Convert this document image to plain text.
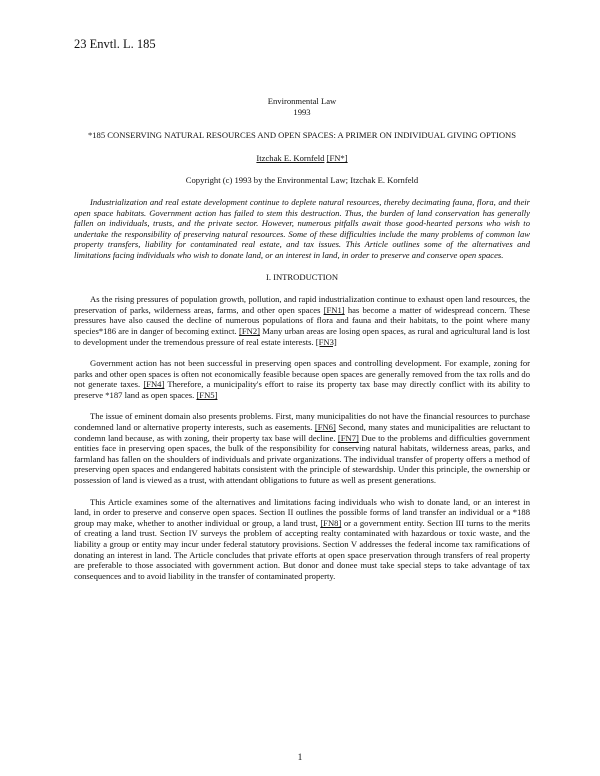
23 Envtl. L. 185
Environmental Law
1993
*185 CONSERVING NATURAL RESOURCES AND OPEN SPACES: A PRIMER ON INDIVIDUAL GIVING OPTIONS
Itzchak E. Kornfeld [FN*]
Copyright (c) 1993 by the Environmental Law; Itzchak E. Kornfeld
Industrialization and real estate development continue to deplete natural resources, thereby decimating fauna, flora, and their open space habitats. Government action has failed to stem this destruction. Thus, the burden of land conservation has generally fallen on individuals, trusts, and the private sector. However, numerous pitfalls await those good-hearted persons who wish to undertake the responsibility of preserving natural resources. Some of these difficulties include the many problems of common law property transfers, liability for contaminated real estate, and tax issues. This Article outlines some of the alternatives and limitations facing individuals who wish to donate land, or an interest in land, in order to preserve and conserve open spaces.
I. INTRODUCTION

As the rising pressures of population growth, pollution, and rapid industrialization continue to exhaust open land resources, the preservation of parks, wilderness areas, farms, and other open spaces [FN1] has become a matter of widespread concern. These pressures have also caused the decline of numerous populations of flora and fauna and their habitats, to the point where many species*186 are in danger of becoming extinct. [FN2] Many urban areas are losing open spaces, as rural and agricultural land is lost to development under the tremendous pressure of real estate interests. [FN3]

Government action has not been successful in preserving open spaces and controlling development. For example, zoning for parks and other open spaces is often not economically feasible because open spaces are generally removed from the tax rolls and do not generate taxes. [FN4] Therefore, a municipality's effort to raise its property tax base may directly conflict with its ability to preserve *187 land as open spaces. [FN5]

The issue of eminent domain also presents problems. First, many municipalities do not have the financial resources to purchase condemned land or alternative property interests, such as easements. [FN6] Second, many states and municipalities are reluctant to condemn land because, as with zoning, their property tax base will decline. [FN7] Due to the problems and difficulties government entities face in preserving open spaces, the bulk of the responsibility for conserving natural habitats, wilderness areas, parks, and farmland has fallen on the shoulders of individuals and private organizations. The individual transfer of property offers a method of preserving open spaces and endangered habitats consistent with the principle of stewardship. Under this principle, the ownership or possession of land is viewed as a trust, with attendant obligations to future as well as present generations.

This Article examines some of the alternatives and limitations facing individuals who wish to donate land, or an interest in land, in order to preserve and conserve open spaces. Section II outlines the possible forms of land transfer an individual or a *188 group may make, whether to another individual or group, a land trust, [FN8] or a government entity. Section III turns to the merits of creating a land trust. Section IV surveys the problem of accepting realty contaminated with hazardous or toxic waste, and the liability a group or entity may incur under federal statutory provisions. Section V addresses the federal income tax ramifications of donating an interest in land. The Article concludes that private efforts at open space preservation through transfers of real property are preferable to those associated with government action. But donor and donee must take special steps to take advantage of tax consequences and to avoid liability in the transfer of contaminated property.

1
